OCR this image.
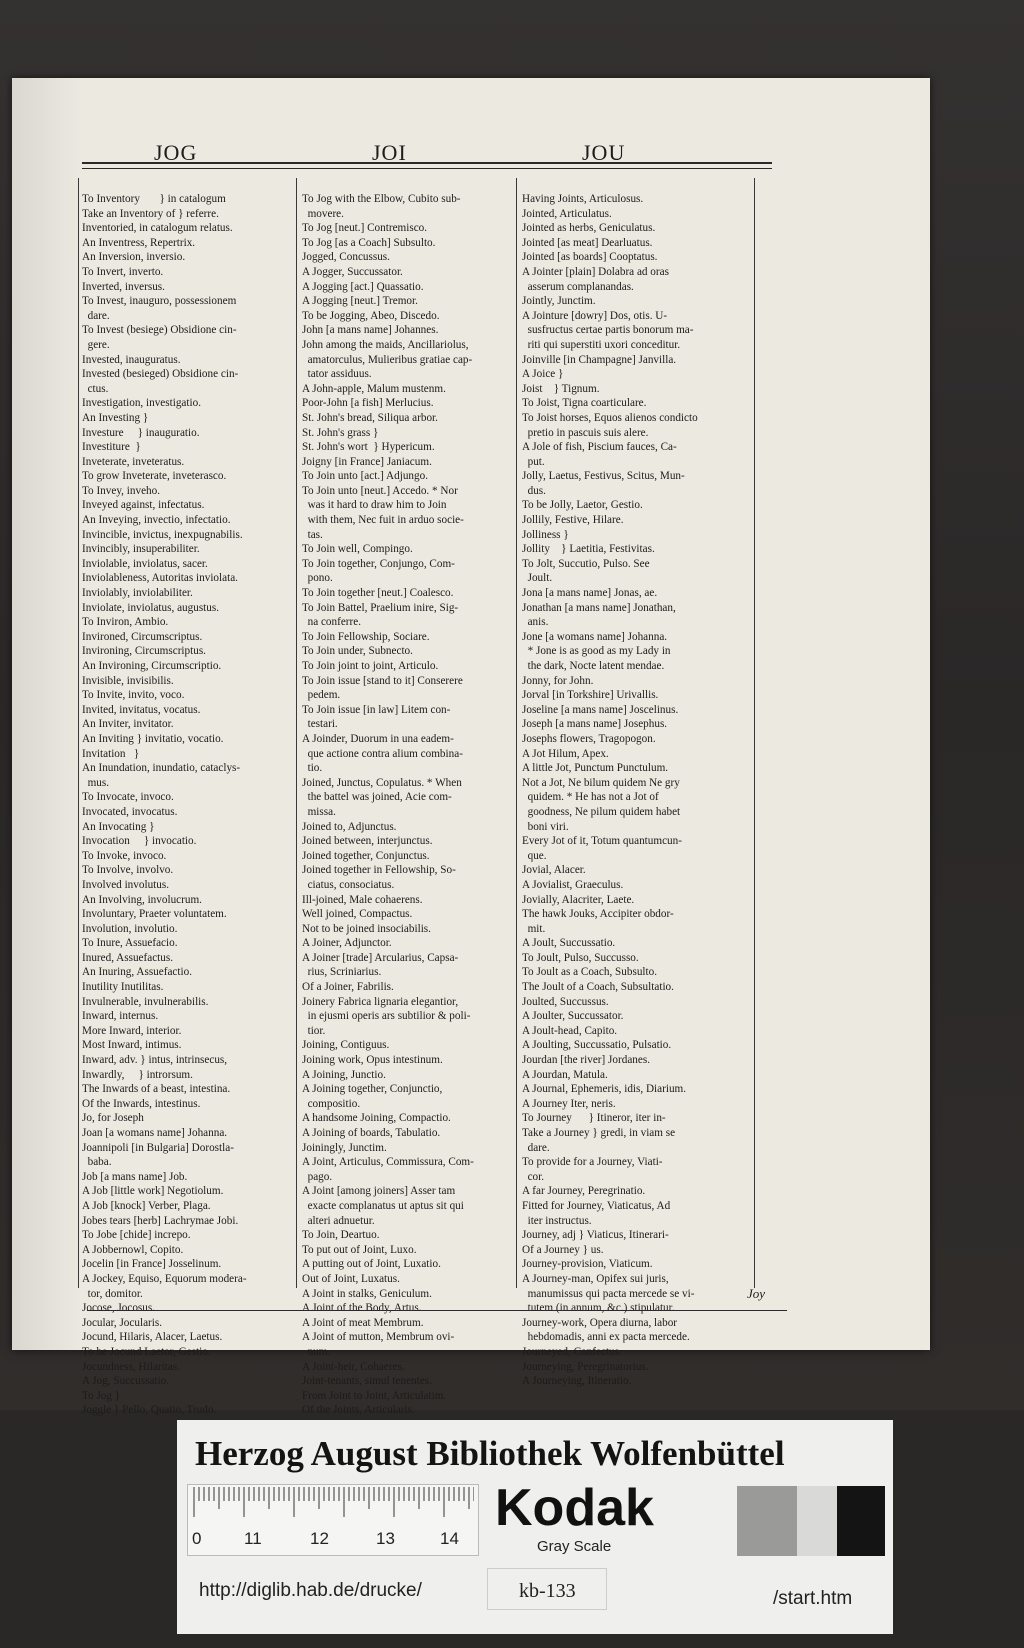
JOG	JOI	JOU
To Inventory       } in catalogum
Take an Inventory of } referre.
Inventoried, in catalogum relatus.
An Inventress, Repertrix.
An Inversion, inversio.
To Invert, inverto.
Inverted, inversus.
To Invest, inauguro, possessionem
dare.
To Invest (besiege) Obsidione cin-
gere.
Invested, inauguratus.
Invested (besieged) Obsidione cin-
ctus.
Investigation, investigatio.
An Investing }
Investure     } inauguratio.
Investiture  }
Inveterate, inveteratus.
To grow Inveterate, inveterasco.
To Invey, inveho.
Inveyed against, infectatus.
An Inveying, invectio, infectatio.
Invincible, invictus, inexpugnabilis.
Invincibly, insuperabiliter.
Inviolable, inviolatus, sacer.
Inviolableness, Autoritas inviolata.
Inviolably, inviolabiliter.
Inviolate, inviolatus, augustus.
To Inviron, Ambio.
Invironed, Circumscriptus.
Invironing, Circumscriptus.
An Invironing, Circumscriptio.
Invisible, invisibilis.
To Invite, invito, voco.
Invited, invitatus, vocatus.
An Inviter, invitator.
An Inviting } invitatio, vocatio.
Invitation   }
An Inundation, inundatio, cataclys-
mus.
To Invocate, invoco.
Invocated, invocatus.
An Invocating }
Invocation     } invocatio.
To Invoke, invoco.
To Involve, involvo.
Involved involutus.
An Involving, involucrum.
Involuntary, Praeter voluntatem.
Involution, involutio.
To Inure, Assuefacio.
Inured, Assuefactus.
An Inuring, Assuefactio.
Inutility Inutilitas.
Invulnerable, invulnerabilis.
Inward, internus.
More Inward, interior.
Most Inward, intimus.
Inward, adv. } intus, intrinsecus,
Inwardly,     } introrsum.
The Inwards of a beast, intestina.
Of the Inwards, intestinus.
Jo, for Joseph
Joan [a womans name] Johanna.
Joannipoli [in Bulgaria] Dorostla-
baba.
Job [a mans name] Job.
A Job [little work] Negotiolum.
A Job [knock] Verber, Plaga.
Jobes tears [herb] Lachrymae Jobi.
To Jobe [chide] increpo.
A Jobbernowl, Copito.
Jocelin [in France] Josselinum.
A Jockey, Equiso, Equorum modera-
tor, domitor.
Jocose, Jocosus.
Jocular, Jocularis.
Jocund, Hilaris, Alacer, Laetus.
To be Jocund Laetor, Gestio.
Jocundness, Hilaritas.
A Jog, Succussatio.
To Jog }
Joggle } Pello, Quatio, Trudo.
To Jog with the Elbow, Cubito sub-
movere.
To Jog [neut.] Contremisco.
To Jog [as a Coach] Subsulto.
Jogged, Concussus.
A Jogger, Succussator.
A Jogging [act.] Quassatio.
A Jogging [neut.] Tremor.
To be Jogging, Abeo, Discedo.
John [a mans name] Johannes.
John among the maids, Ancillariolus,
amatorculus, Mulieribus gratiae cap-
tator assiduus.
A John-apple, Malum mustenm.
Poor-John [a fish] Merlucius.
St. John's bread, Siliqua arbor.
St. John's grass }
St. John's wort  } Hypericum.
Joigny [in France] Janiacum.
To Join unto [act.] Adjungo.
To Join unto [neut.] Accedo. * Nor
was it hard to draw him to Join
with them, Nec fuit in arduo socie-
tas.
To Join well, Compingo.
To Join together, Conjungo, Com-
pono.
To Join together [neut.] Coalesco.
To Join Battel, Praelium inire, Sig-
na conferre.
To Join Fellowship, Sociare.
To Join under, Subnecto.
To Join joint to joint, Articulo.
To Join issue [stand to it] Conserere
pedem.
To Join issue [in law] Litem con-
testari.
A Joinder, Duorum in una eadem-
que actione contra alium combina-
tio.
Joined, Junctus, Copulatus. * When
the battel was joined, Acie com-
missa.
Joined to, Adjunctus.
Joined between, interjunctus.
Joined together, Conjunctus.
Joined together in Fellowship, So-
ciatus, consociatus.
Ill-joined, Male cohaerens.
Well joined, Compactus.
Not to be joined insociabilis.
A Joiner, Adjunctor.
A Joiner [trade] Arcularius, Capsa-
rius, Scriniarius.
Of a Joiner, Fabrilis.
Joinery Fabrica lignaria elegantior,
in ejusmi operis ars subtilior & poli-
tior.
Joining, Contiguus.
Joining work, Opus intestinum.
A Joining, Junctio.
A Joining together, Conjunctio,
compositio.
A handsome Joining, Compactio.
A Joining of boards, Tabulatio.
Joiningly, Junctim.
A Joint, Articulus, Commissura, Com-
pago.
A Joint [among joiners] Asser tam
exacte complanatus ut aptus sit qui
alteri adnuetur.
To Join, Deartuo.
To put out of Joint, Luxo.
A putting out of Joint, Luxatio.
Out of Joint, Luxatus.
A Joint in stalks, Geniculum.
A Joint of the Body, Artus.
A Joint of meat Membrum.
A Joint of mutton, Membrum ovi-
num.
A Joint-heir, Cohaeres.
Joint-tenants, simul tenentes.
From Joint to Joint, Articulatim.
Of the Joints, Articularis.
Having Joints, Articulosus.
Jointed, Articulatus.
Jointed as herbs, Geniculatus.
Jointed [as meat] Dearluatus.
Jointed [as boards] Cooptatus.
A Jointer [plain] Dolabra ad oras
asserum complanandas.
Jointly, Junctim.
A Jointure [dowry] Dos, otis. U-
susfructus certae partis bonorum ma-
riti qui superstiti uxori conceditur.
Joinville [in Champagne] Janvilla.
A Joice }
Joist    } Tignum.
To Joist, Tigna coarticulare.
To Joist horses, Equos alienos condicto
pretio in pascuis suis alere.
A Jole of fish, Piscium fauces, Ca-
put.
Jolly, Laetus, Festivus, Scitus, Mun-
dus.
To be Jolly, Laetor, Gestio.
Jollily, Festive, Hilare.
Jolliness }
Jollity    } Laetitia, Festivitas.
To Jolt, Succutio, Pulso. See
Joult.
Jona [a mans name] Jonas, ae.
Jonathan [a mans name] Jonathan,
anis.
Jone [a womans name] Johanna.
* Jone is as good as my Lady in
the dark, Nocte latent mendae.
Jonny, for John.
Jorval [in Torkshire] Urivallis.
Joseline [a mans name] Joscelinus.
Joseph [a mans name] Josephus.
Josephs flowers, Tragopogon.
A Jot Hilum, Apex.
A little Jot, Punctum Punctulum.
Not a Jot, Ne bilum quidem Ne gry
quidem. * He has not a Jot of
goodness, Ne pilum quidem habet
boni viri.
Every Jot of it, Totum quantumcun-
que.
Jovial, Alacer.
A Jovialist, Graeculus.
Jovially, Alacriter, Laete.
The hawk Jouks, Accipiter obdor-
mit.
A Joult, Succussatio.
To Joult, Pulso, Succusso.
To Joult as a Coach, Subsulto.
The Joult of a Coach, Subsultatio.
Joulted, Succussus.
A Joulter, Succussator.
A Joult-head, Capito.
A Joulting, Succussatio, Pulsatio.
Jourdan [the river] Jordanes.
A Jourdan, Matula.
A Journal, Ephemeris, idis, Diarium.
A Journey Iter, neris.
To Journey      } Itineror, iter in-
Take a Journey } gredi, in viam se
dare.
To provide for a Journey, Viati-
cor.
A far Journey, Peregrinatio.
Fitted for Journey, Viaticatus, Ad
iter instructus.
Journey, adj } Viaticus, Itinerari-
Of a Journey } us.
Journey-provision, Viaticum.
A Journey-man, Opifex sui juris,
manumissus qui pacta mercede se vi-
tutem (in annum, &c.) stipulatur.
Journey-work, Opera diurna, labor
hebdomadis, anni ex pacta mercede.
Journeyed, Confectus.
Journeying, Peregrinatorius.
A Journeying, Itineratio.
Joy
Herzog August Bibliothek Wolfenbüttel
0	11	12	13	14
Kodak
Gray Scale
http://diglib.hab.de/drucke/	kb-133	/start.htm
